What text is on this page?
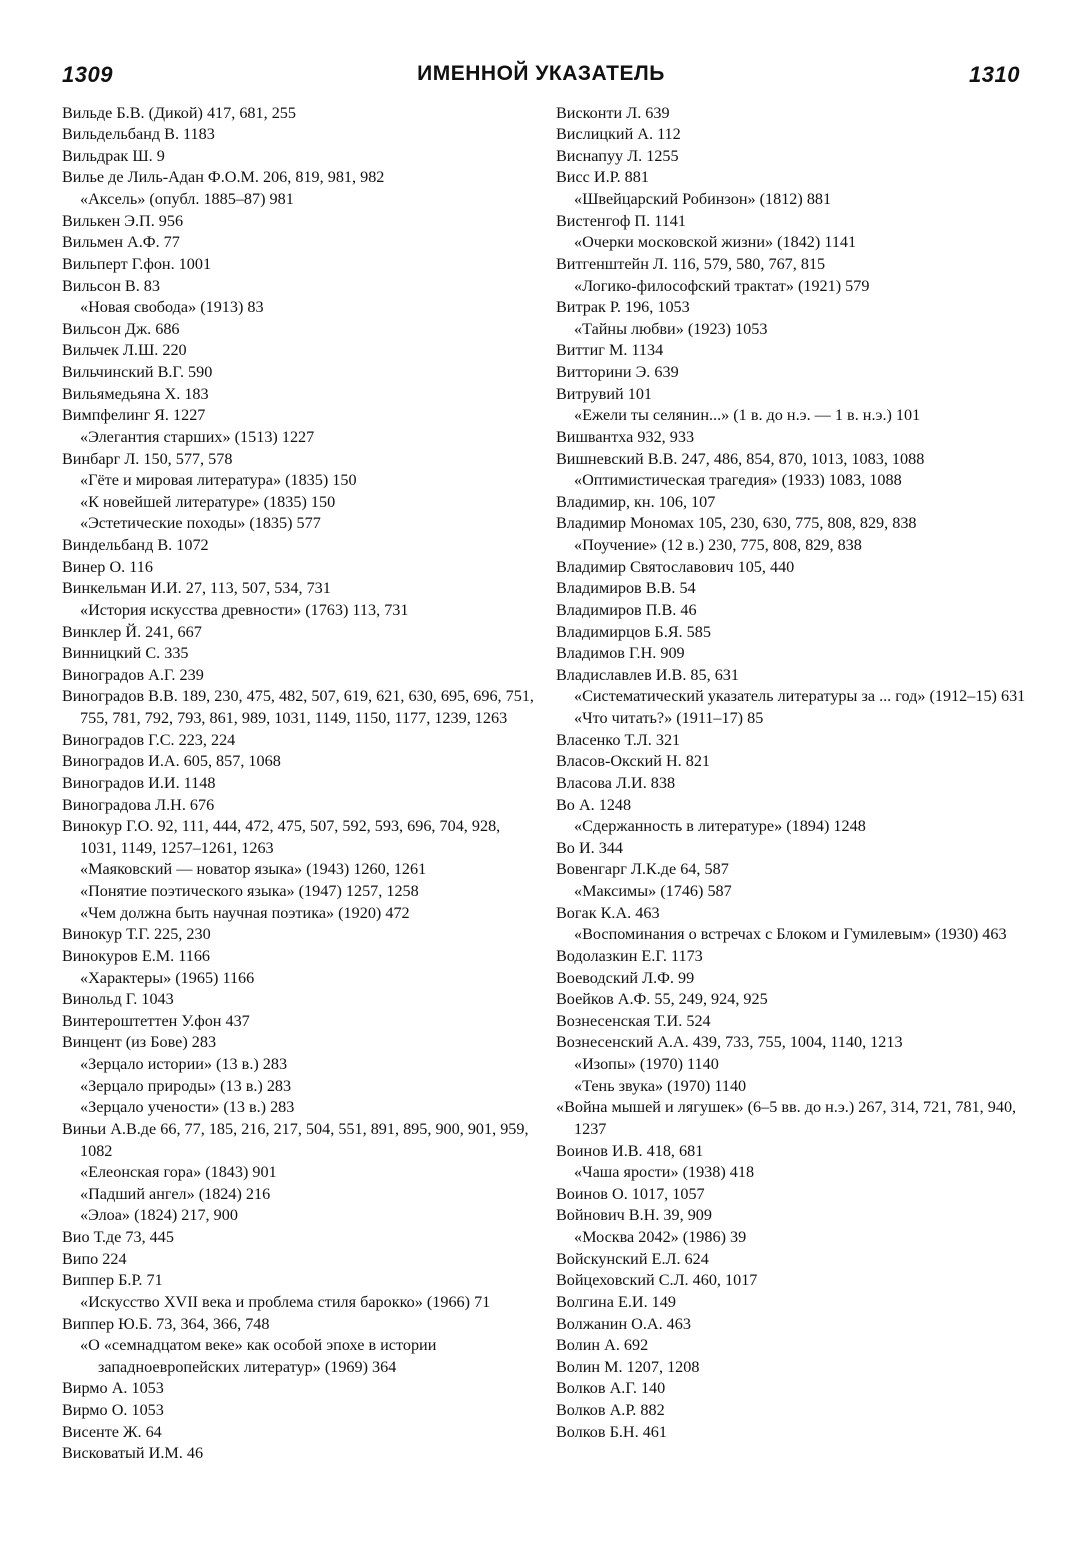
1309	ИМЕННОЙ УКАЗАТЕЛЬ	1310

Вильде Б.В. (Дикой) 417, 681, 255

Вильдельбанд В. 1183

Вильдрак Ш. 9

Вилье де Лиль-Адан Ф.О.М. 206, 819, 981, 982

«Аксель» (опубл. 1885–87) 981

Вилькен Э.П. 956

Вильмен А.Ф. 77

Вильперт Г.фон. 1001

Вильсон В. 83

«Новая свобода» (1913) 83

Вильсон Дж. 686

Вильчек Л.Ш. 220

Вильчинский В.Г. 590

Вильямедьяна Х. 183

Вимпфелинг Я. 1227

«Элегантия старших» (1513) 1227

Винбарг Л. 150, 577, 578

«Гёте и мировая литература» (1835) 150

«К новейшей литературе» (1835) 150

«Эстетические походы» (1835) 577

Виндельбанд В. 1072

Винер О. 116

Винкельман И.И. 27, 113, 507, 534, 731

«История искусства древности» (1763) 113, 731

Винклер Й. 241, 667

Винницкий С. 335

Виноградов А.Г. 239

Виноградов В.В. 189, 230, 475, 482, 507, 619, 621, 630, 695, 696, 751, 755, 781, 792, 793, 861, 989, 1031, 1149, 1150, 1177, 1239, 1263

Виноградов Г.С. 223, 224

Виноградов И.А. 605, 857, 1068

Виноградов И.И. 1148

Виноградова Л.Н. 676

Винокур Г.О. 92, 111, 444, 472, 475, 507, 592, 593, 696, 704, 928, 1031, 1149, 1257–1261, 1263

«Маяковский — новатор языка» (1943) 1260, 1261

«Понятие поэтического языка» (1947) 1257, 1258

«Чем должна быть научная поэтика» (1920) 472

Винокур Т.Г. 225, 230

Винокуров Е.М. 1166

«Характеры» (1965) 1166

Винольд Г. 1043

Винтероштеттен У.фон 437

Винцент (из Бове) 283

«Зерцало истории» (13 в.) 283

«Зерцало природы» (13 в.) 283

«Зерцало учености» (13 в.) 283

Виньи А.В.де 66, 77, 185, 216, 217, 504, 551, 891, 895, 900, 901, 959, 1082

«Елеонская гора» (1843) 901

«Падший ангел» (1824) 216

«Элоа» (1824) 217, 900

Вио Т.де 73, 445

Випо 224

Виппер Б.Р. 71

«Искусство XVII века и проблема стиля барокко» (1966) 71

Виппер Ю.Б. 73, 364, 366, 748

«О «семнадцатом веке» как особой эпохе в истории западноевропейских литератур» (1969) 364

Вирмо А. 1053

Вирмо О. 1053

Висенте Ж. 64

Висковатый И.М. 46

Висконти Л. 639

Вислицкий А. 112

Виснапуу Л. 1255

Висс И.Р. 881

«Швейцарский Робинзон» (1812) 881

Вистенгоф П. 1141

«Очерки московской жизни» (1842) 1141

Витгенштейн Л. 116, 579, 580, 767, 815

«Логико-философский трактат» (1921) 579

Витрак Р. 196, 1053

«Тайны любви» (1923) 1053

Виттиг М. 1134

Витторини Э. 639

Витрувий 101

«Ежели ты селянин...» (1 в. до н.э. — 1 в. н.э.) 101

Вишвантха 932, 933

Вишневский В.В. 247, 486, 854, 870, 1013, 1083, 1088

«Оптимистическая трагедия» (1933) 1083, 1088

Владимир, кн. 106, 107

Владимир Мономах 105, 230, 630, 775, 808, 829, 838

«Поучение» (12 в.) 230, 775, 808, 829, 838

Владимир Святославович 105, 440

Владимиров В.В. 54

Владимиров П.В. 46

Владимирцов Б.Я. 585

Владимов Г.Н. 909

Владиславлев И.В. 85, 631

«Систематический указатель литературы за ... год» (1912–15) 631

«Что читать?» (1911–17) 85

Власенко Т.Л. 321

Власов-Окский Н. 821

Власова Л.И. 838

Во А. 1248

«Сдержанность в литературе» (1894) 1248

Во И. 344

Вовенгарг Л.К.де 64, 587

«Максимы» (1746) 587

Вогак К.А. 463

«Воспоминания о встречах с Блоком и Гумилевым» (1930) 463

Водолазкин Е.Г. 1173

Воеводский Л.Ф. 99

Воейков А.Ф. 55, 249, 924, 925

Вознесенская Т.И. 524

Вознесенский А.А. 439, 733, 755, 1004, 1140, 1213

«Изопы» (1970) 1140

«Тень звука» (1970) 1140

«Война мышей и лягушек» (6–5 вв. до н.э.) 267, 314, 721, 781, 940, 1237

Воинов И.В. 418, 681

«Чаша ярости» (1938) 418

Воинов О. 1017, 1057

Войнович В.Н. 39, 909

«Москва 2042» (1986) 39

Войскунский Е.Л. 624

Войцеховский С.Л. 460, 1017

Волгина Е.И. 149

Волжанин О.А. 463

Волин А. 692

Волин М. 1207, 1208

Волков А.Г. 140

Волков А.Р. 882

Волков Б.Н. 461
